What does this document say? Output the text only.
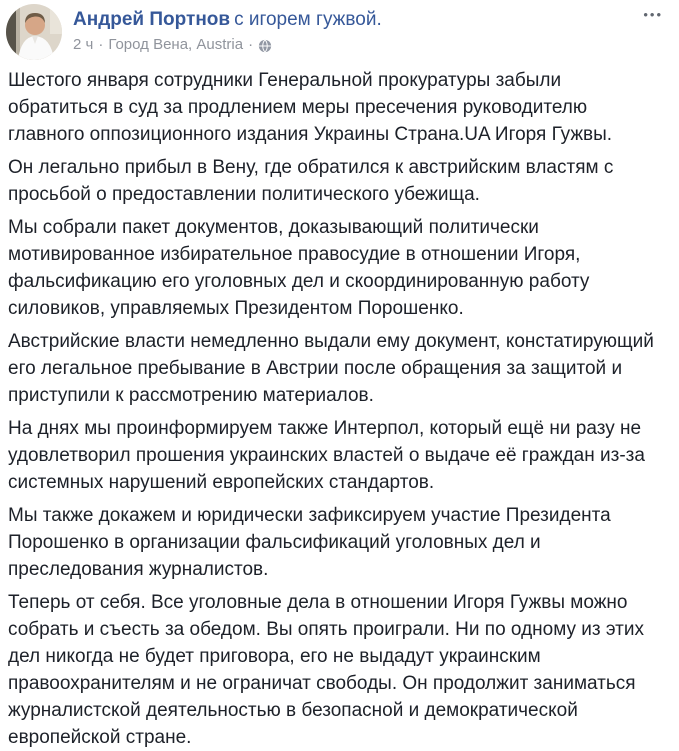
Андрей Портнов с игорем гужвой.
2 ч · Город Вена, Austria ·
•••

Шестого января сотрудники Генеральной прокуратуры забыли обратиться в суд за продлением меры пресечения руководителю главного оппозиционного издания Украины Страна.UA Игоря Гужвы.

Он легально прибыл в Вену, где обратился к австрийским властям с просьбой о предоставлении политического убежища.

Мы собрали пакет документов, доказывающий политически мотивированное избирательное правосудие в отношении Игоря, фальсификацию его уголовных дел и скоординированную работу силовиков, управляемых Президентом Порошенко.

Австрийские власти немедленно выдали ему документ, констатирующий его легальное пребывание в Австрии после обращения за защитой и приступили к рассмотрению материалов.

На днях мы проинформируем также Интерпол, который ещё ни разу не удовлетворил прошения украинских властей о выдаче её граждан из-за системных нарушений европейских стандартов.

Мы также докажем и юридически зафиксируем участие Президента Порошенко в организации фальсификаций уголовных дел и преследования журналистов.

Теперь от себя. Все уголовные дела в отношении Игоря Гужвы можно собрать и съесть за обедом. Вы опять проиграли. Ни по одному из этих дел никогда не будет приговора, его не выдадут украинским правоохранителям и не ограничат свободы. Он продолжит заниматься журналистской деятельностью в безопасной и демократической европейской стране.
